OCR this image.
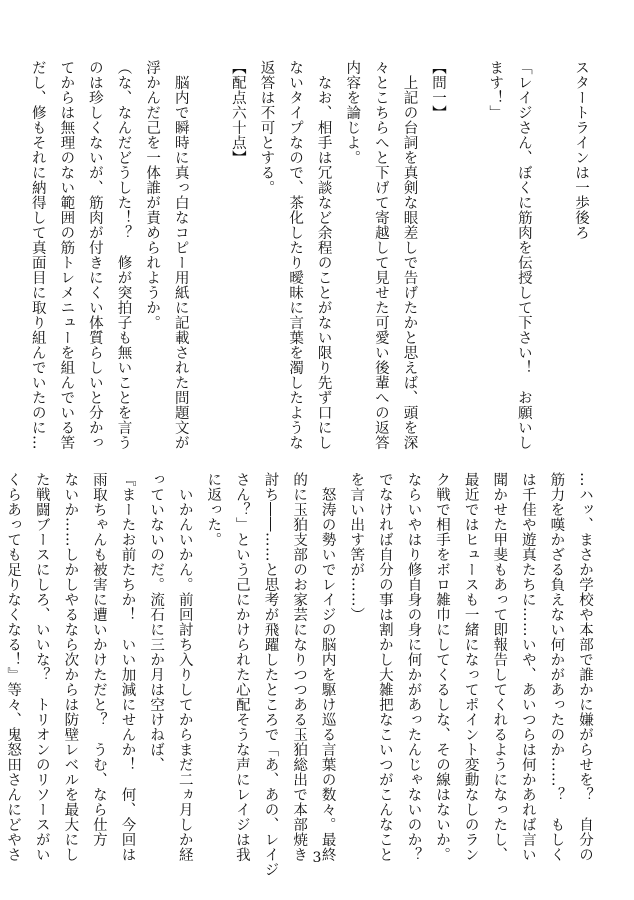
スタートラインは一歩後ろ

「レイジさん、ぼくに筋肉を伝授して下さい！　お願いし
ます！」

【問一】
　上記の台詞を真剣な眼差しで告げたかと思えば、頭を深
々とこちらへと下げて寄越して見せた可愛い後輩への返答
内容を論じよ。
　なお、相手は冗談など余程のことがない限り先ず口にし
ないタイプなので、茶化したり曖昧に言葉を濁したような
返答は不可とする。
【配点六十点】

　脳内で瞬時に真っ白なコピー用紙に記載された問題文が
浮かんだ己を一体誰が責められようか。
（な、なんだどうした！？　修が突拍子も無いことを言う
のは珍しくないが、筋肉が付きにくい体質らしいと分かっ
てからは無理のない範囲の筋トレメニューを組んでいる筈
だし、修もそれに納得して真面目に取り組んでいたのに…
…ハッ、まさか学校や本部で誰かに嫌がらせを？　自分の
筋力を嘆かざる負えない何かがあったのか……？　もしく
は千佳や遊真たちに……いや、あいつらは何かあれば言い
聞かせた甲斐もあって即報告してくれるようになったし、
最近ではヒュースも一緒になってポイント変動なしのラン
ク戦で相手をボロ雑巾にしてくるしな、その線はないか。
ならいやはり修自身の身に何かがあったんじゃないのか？
でなければ自分の事は割かし大雑把なこいつがこんなこと
を言い出す筈が……）
　怒涛の勢いでレイジの脳内を駆け巡る言葉の数々。最終
的に玉狛支部のお家芸になりつつある玉狛総出で本部焼き
討ち――……と思考が飛躍したところで「あ、あの、レイジ
さん？」という己にかけられた心配そうな声にレイジは我
に返った。
　いかんいかん。前回討ち入りしてからまだ二ヵ月しか経
っていないのだ。流石に三か月は空けねば、
『まーたお前たちか！　いい加減にせんか！　何、今回は
雨取ちゃんも被害に遭いかけただと？　うむ、なら仕方
ないか……しかしやるなら次からは防壁レベルを最大にし
た戦闘ブースにしろ、いいな？　トリオンのリソースがい
くらあっても足りなくなる！』等々、鬼怒田さんにどやさ	3
